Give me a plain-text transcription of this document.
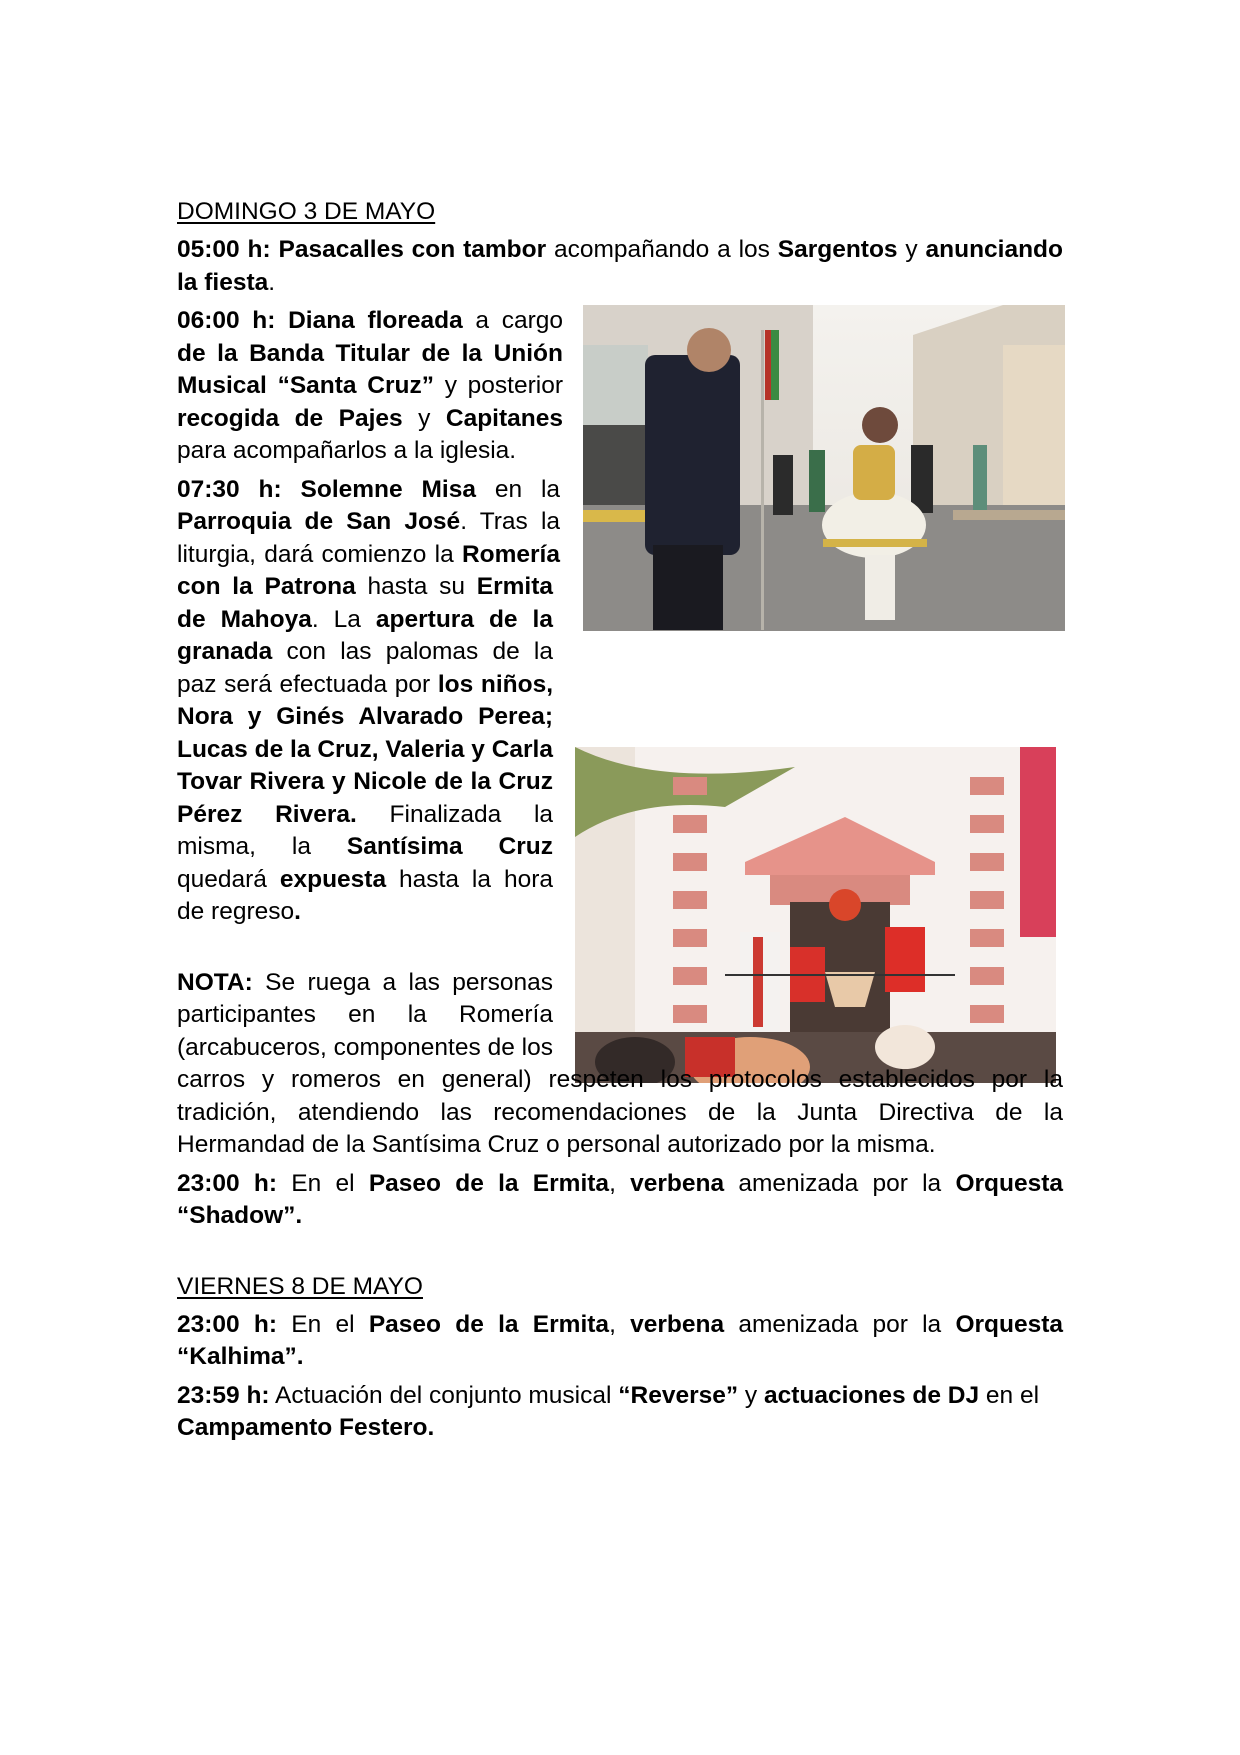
DOMINGO 3 DE MAYO
05:00 h: Pasacalles con tambor acompañando a los Sargentos y anunciando la fiesta.
06:00 h: Diana floreada a cargo de la Banda Titular de la Unión Musical “Santa Cruz” y posterior recogida de Pajes y Capitanes para acompañarlos a la iglesia.
07:30 h: Solemne Misa en la Parroquia de San José. Tras la liturgia, dará comienzo la Romería con la Patrona hasta su Ermita de Mahoya. La apertura de la granada con las palomas de la paz será efectuada por los niños, Nora y Ginés Alvarado Perea; Lucas de la Cruz, Valeria y Carla Tovar Rivera y Nicole de la Cruz Pérez Rivera. Finalizada la misma, la Santísima Cruz quedará expuesta hasta la hora de regreso.
NOTA: Se ruega a las personas participantes en la Romería (arcabuceros, componentes de los carros y romeros en general) respeten los protocolos establecidos por la tradición, atendiendo las recomendaciones de la Junta Directiva de la Hermandad de la Santísima Cruz o personal autorizado por la misma.
23:00 h: En el Paseo de la Ermita, verbena amenizada por la Orquesta “Shadow”.
VIERNES 8 DE MAYO
23:00 h: En el Paseo de la Ermita, verbena amenizada por la Orquesta “Kalhima”.
23:59 h: Actuación del conjunto musical “Reverse” y actuaciones de DJ en el Campamento Festero.
